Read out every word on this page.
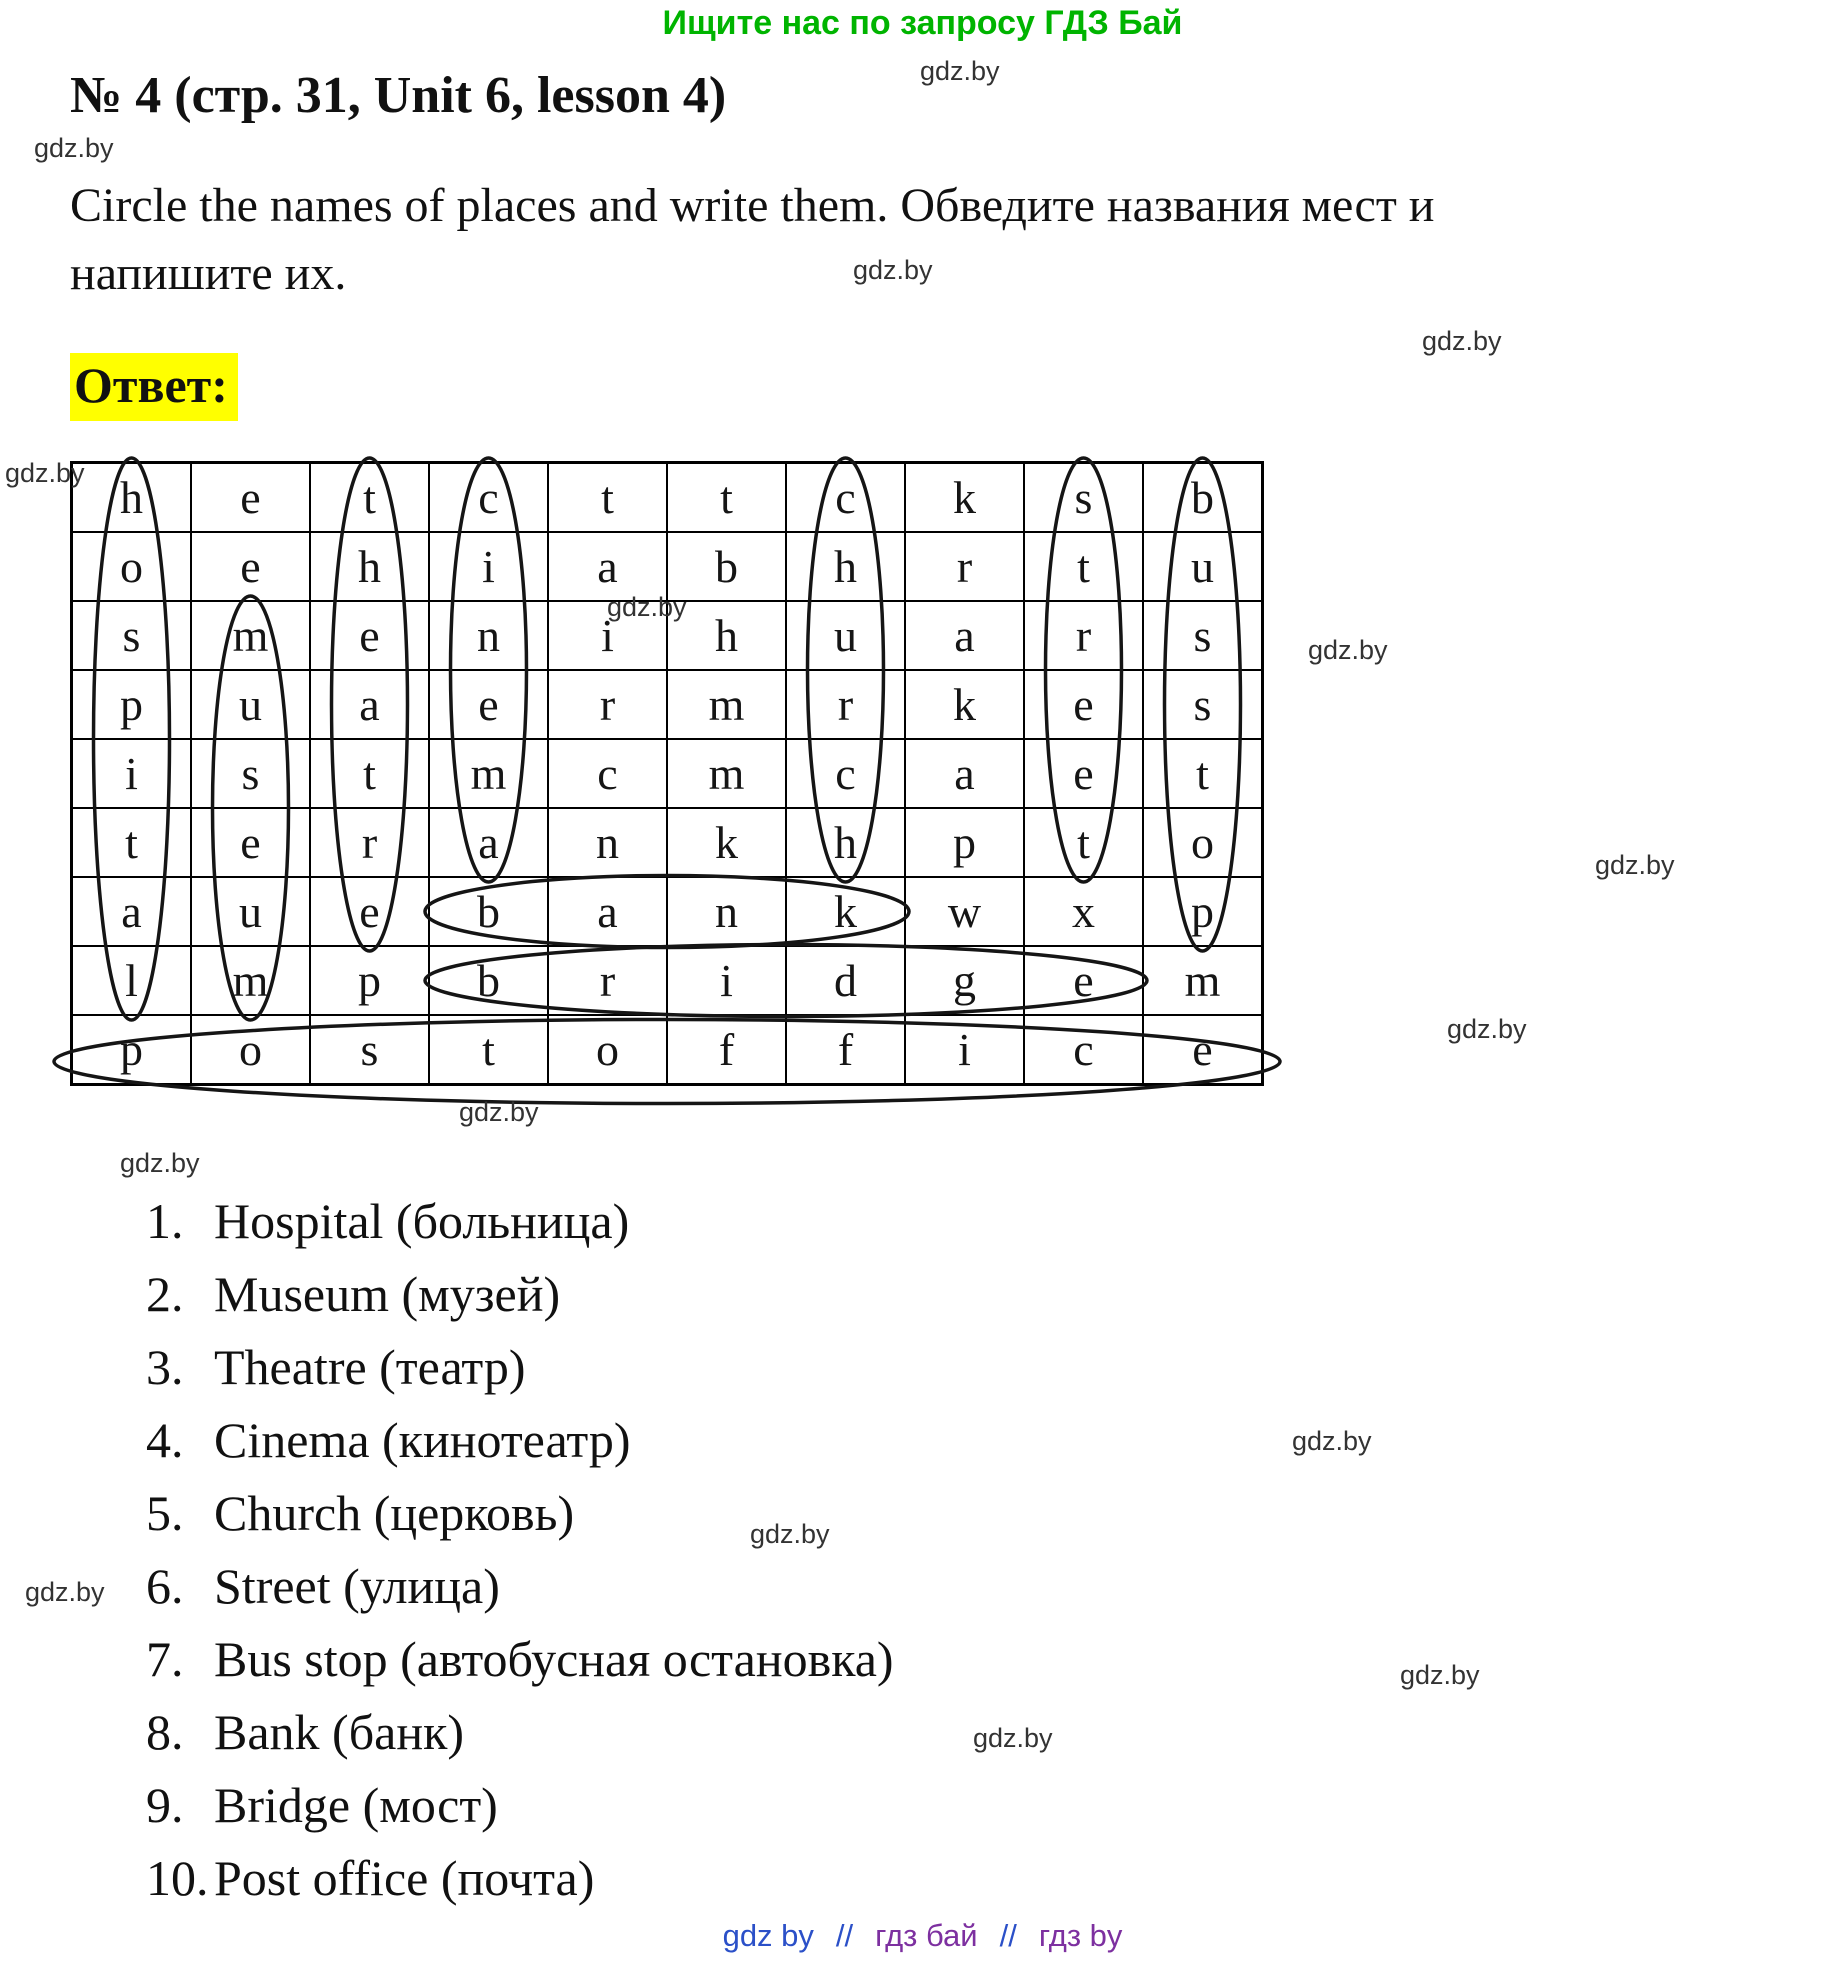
Ищите нас по запросу ГДЗ Бай
№ 4 (стр. 31, Unit 6, lesson 4)

Circle the names of places and write them. Обведите названия мест и
напишите их.

Ответ:
h	e	t	c	t	t	c	k	s	b
o	e	h	i	a	b	h	r	t	u
s	m	e	n	i	h	u	a	r	s
p	u	a	e	r	m	r	k	e	s
i	s	t	m	c	m	c	a	e	t
t	e	r	a	n	k	h	p	t	o
a	u	e	b	a	n	k	w	x	p
l	m	p	b	r	i	d	g	e	m
p	o	s	t	o	f	f	i	c	e
1. Hospital (больница)
2. Museum (музей)
3. Theatre (театр)
4. Cinema (кинотеатр)
5. Church (церковь)
6. Street (улица)
7. Bus stop (автобусная остановка)
8. Bank (банк)
9. Bridge (мост)
10. Post office (почта)
gdz by // гдз бай // гдз by
gdz.by
gdz.by
gdz.by
gdz.by
gdz.by
gdz.by
gdz.by
gdz.by
gdz.by
gdz.by
gdz.by
gdz.by
gdz.by
gdz.by
gdz.by
gdz.by
